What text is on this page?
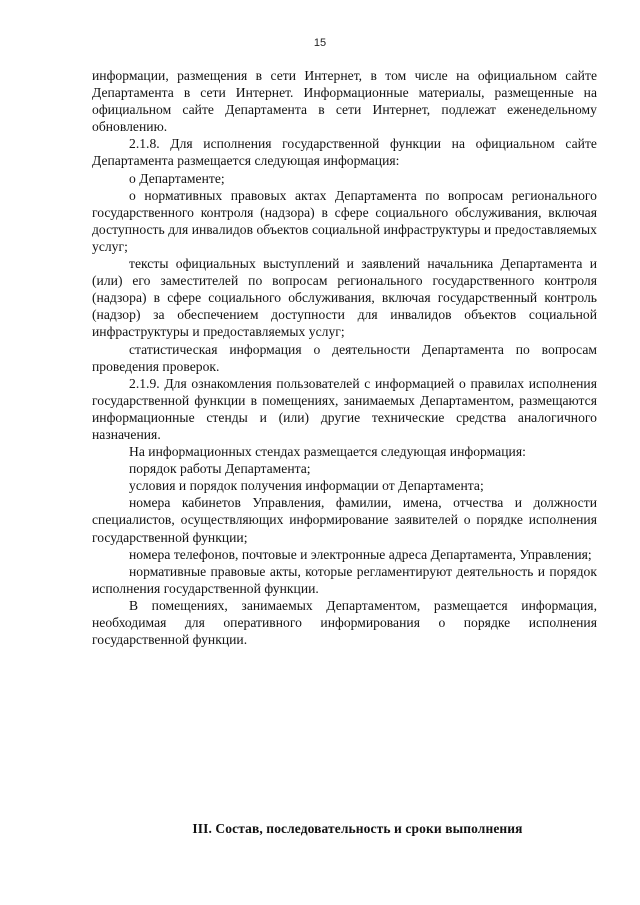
15

информации, размещения в сети Интернет, в том числе на официальном сайте Департамента в сети Интернет. Информационные материалы, размещенные на официальном сайте Департамента в сети Интернет, подлежат еженедельному обновлению.

2.1.8. Для исполнения государственной функции на официальном сайте Департамента размещается следующая информация:

о Департаменте;

о нормативных правовых актах Департамента по вопросам регионального государственного контроля (надзора) в сфере социального обслуживания, включая доступность для инвалидов объектов социальной инфраструктуры и предоставляемых услуг;

тексты официальных выступлений и заявлений начальника Департамента и (или) его заместителей по вопросам регионального государственного контроля (надзора) в сфере социального обслуживания, включая государственный контроль (надзор) за обеспечением доступности для инвалидов объектов социальной инфраструктуры и предоставляемых услуг;

статистическая информация о деятельности Департамента по вопросам проведения проверок.

2.1.9. Для ознакомления пользователей с информацией о правилах исполнения государственной функции в помещениях, занимаемых Департаментом, размещаются информационные стенды и (или) другие технические средства аналогичного назначения.

На информационных стендах размещается следующая информация:

порядок работы Департамента;

условия и порядок получения информации от Департамента;

номера кабинетов Управления, фамилии, имена, отчества и должности специалистов, осуществляющих информирование заявителей о порядке исполнения государственной функции;

номера телефонов, почтовые и электронные адреса Департамента, Управления;

нормативные правовые акты, которые регламентируют деятельность и порядок исполнения государственной функции.

В помещениях, занимаемых Департаментом, размещается информация, необходимая для оперативного информирования о порядке исполнения государственной функции.

III. Состав, последовательность и сроки выполнения
